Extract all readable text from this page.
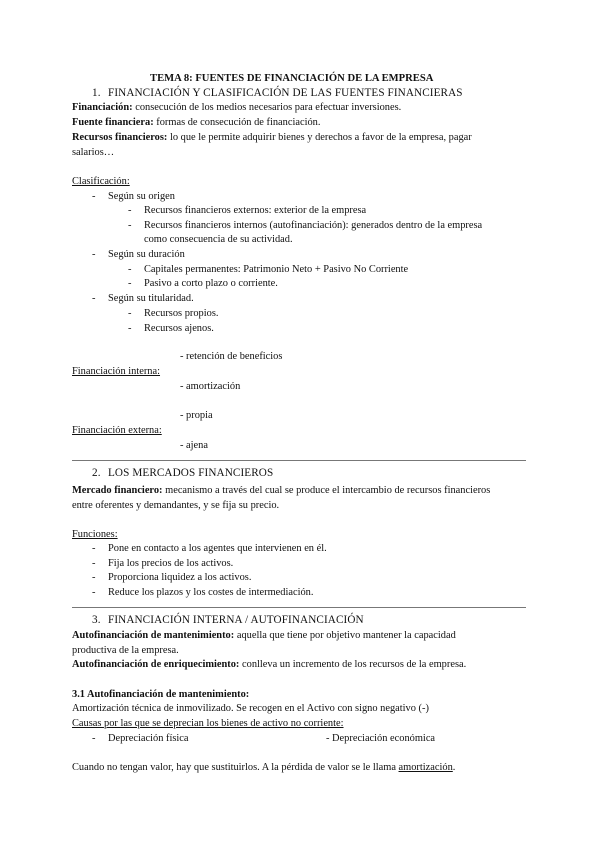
TEMA 8: FUENTES DE FINANCIACIÓN DE LA EMPRESA
1. FINANCIACIÓN Y CLASIFICACIÓN DE LAS FUENTES FINANCIERAS
Financiación: consecución de los medios necesarios para efectuar inversiones.
Fuente financiera: formas de consecución de financiación.
Recursos financieros: lo que le permite adquirir bienes y derechos a favor de la empresa, pagar
salarios…
Clasificación:
- Según su origen
- Recursos financieros externos: exterior de la empresa
- Recursos financieros internos (autofinanciación): generados dentro de la empresa
como consecuencia de su actividad.
- Según su duración
- Capitales permanentes: Patrimonio Neto + Pasivo No Corriente
- Pasivo a corto plazo o corriente.
- Según su titularidad.
- Recursos propios.
- Recursos ajenos.
- retención de beneficios
Financiación interna:
- amortización
- propia
Financiación externa:
- ajena
2. LOS MERCADOS FINANCIEROS
Mercado financiero: mecanismo a través del cual se produce el intercambio de recursos financieros
entre oferentes y demandantes, y se fija su precio.
Funciones:
- Pone en contacto a los agentes que intervienen en él.
- Fija los precios de los activos.
- Proporciona liquidez a los activos.
- Reduce los plazos y los costes de intermediación.
3. FINANCIACIÓN INTERNA / AUTOFINANCIACIÓN
Autofinanciación de mantenimiento: aquella que tiene por objetivo mantener la capacidad
productiva de la empresa.
Autofinanciación de enriquecimiento: conlleva un incremento de los recursos de la empresa.
3.1 Autofinanciación de mantenimiento:
Amortización técnica de inmovilizado. Se recogen en el Activo con signo negativo (-)
Causas por las que se deprecian los bienes de activo no corriente:
- Depreciación física	- Depreciación económica
Cuando no tengan valor, hay que sustituirlos. A la pérdida de valor se le llama amortización.
